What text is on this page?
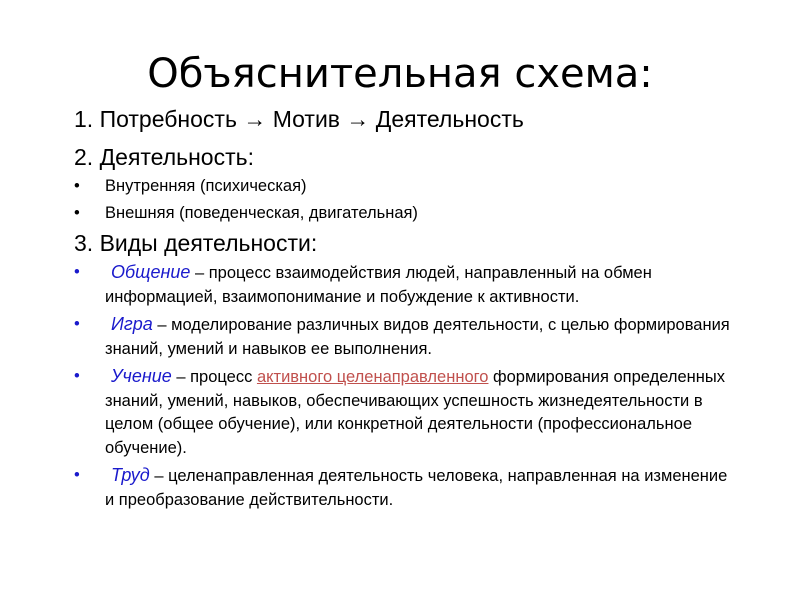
Объяснительная схема:

1. Потребность → Мотив → Деятельность

2. Деятельность:

•	Внутренняя (психическая)
•	Внешняя (поведенческая, двигательная)

3. Виды деятельности:

•	Общение – процесс взаимодействия людей, направленный на обмен информацией, взаимопонимание и побуждение к активности.
•	Игра – моделирование различных видов деятельности, с целью формирования знаний, умений и навыков ее выполнения.
•	Учение – процесс активного целенаправленного формирования определенных знаний, умений, навыков, обеспечивающих успешность жизнедеятельности в целом (общее обучение), или конкретной деятельности (профессиональное обучение).
•	Труд – целенаправленная деятельность человека, направленная на изменение и преобразование действительности.
